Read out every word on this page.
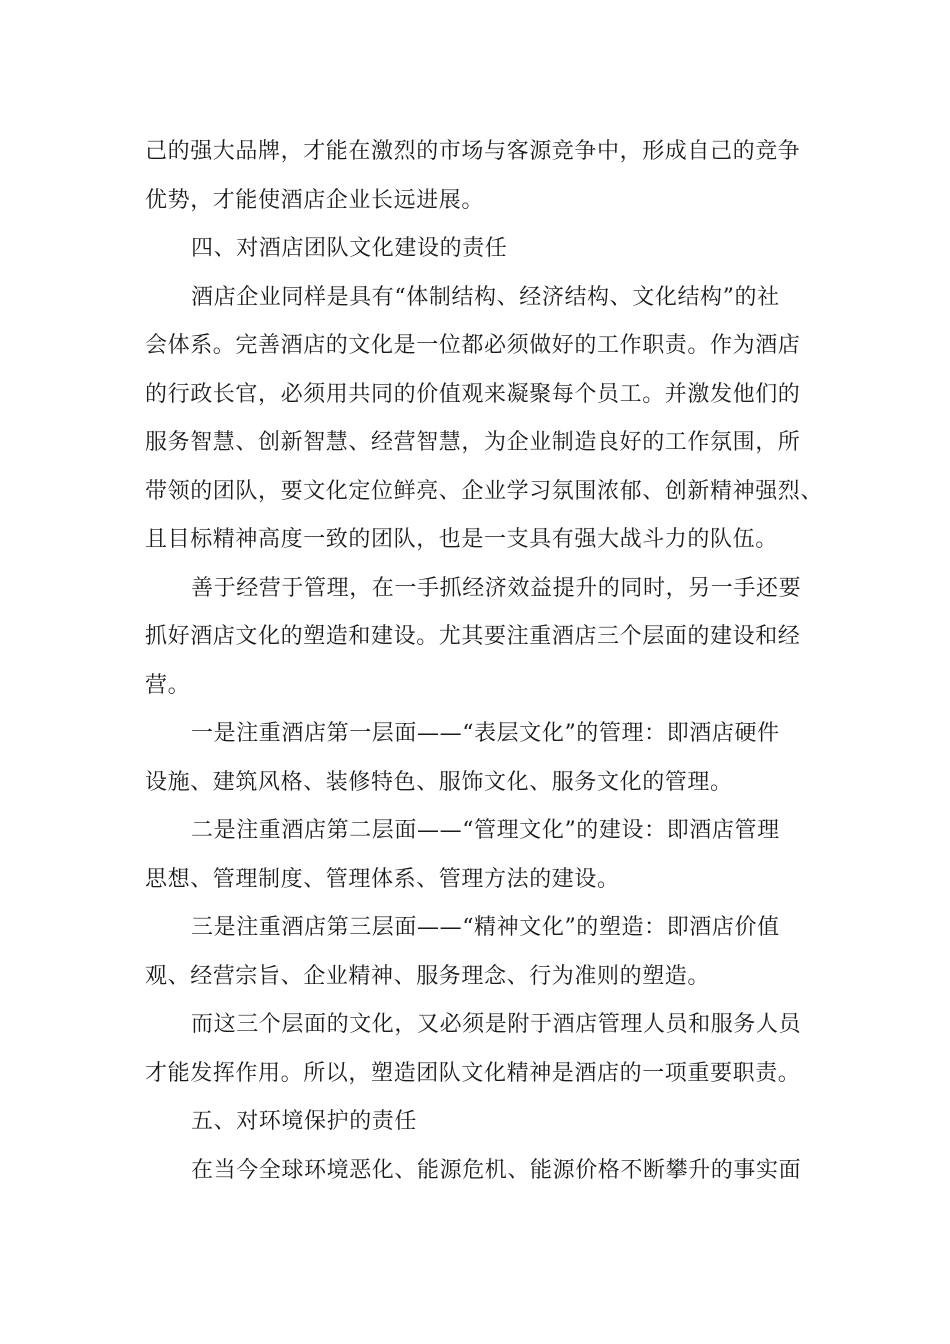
己的强大品牌，才能在激烈的市场与客源竞争中，形成自己的竞争
优势，才能使酒店企业长远进展。
四、对酒店团队文化建设的责任
酒店企业同样是具有“体制结构、经济结构、文化结构”的社
会体系。完善酒店的文化是一位都必须做好的工作职责。作为酒店
的行政长官，必须用共同的价值观来凝聚每个员工。并激发他们的
服务智慧、创新智慧、经营智慧，为企业制造良好的工作氛围，所
带领的团队，要文化定位鲜亮、企业学习氛围浓郁、创新精神强烈、
且目标精神高度一致的团队，也是一支具有强大战斗力的队伍。
善于经营于管理，在一手抓经济效益提升的同时，另一手还要
抓好酒店文化的塑造和建设。尤其要注重酒店三个层面的建设和经
营。
一是注重酒店第一层面——“表层文化”的管理：即酒店硬件
设施、建筑风格、装修特色、服饰文化、服务文化的管理。
二是注重酒店第二层面——“管理文化”的建设：即酒店管理
思想、管理制度、管理体系、管理方法的建设。
三是注重酒店第三层面——“精神文化”的塑造：即酒店价值
观、经营宗旨、企业精神、服务理念、行为准则的塑造。
而这三个层面的文化，又必须是附于酒店管理人员和服务人员
才能发挥作用。所以，塑造团队文化精神是酒店的一项重要职责。
五、对环境保护的责任
在当今全球环境恶化、能源危机、能源价格不断攀升的事实面
